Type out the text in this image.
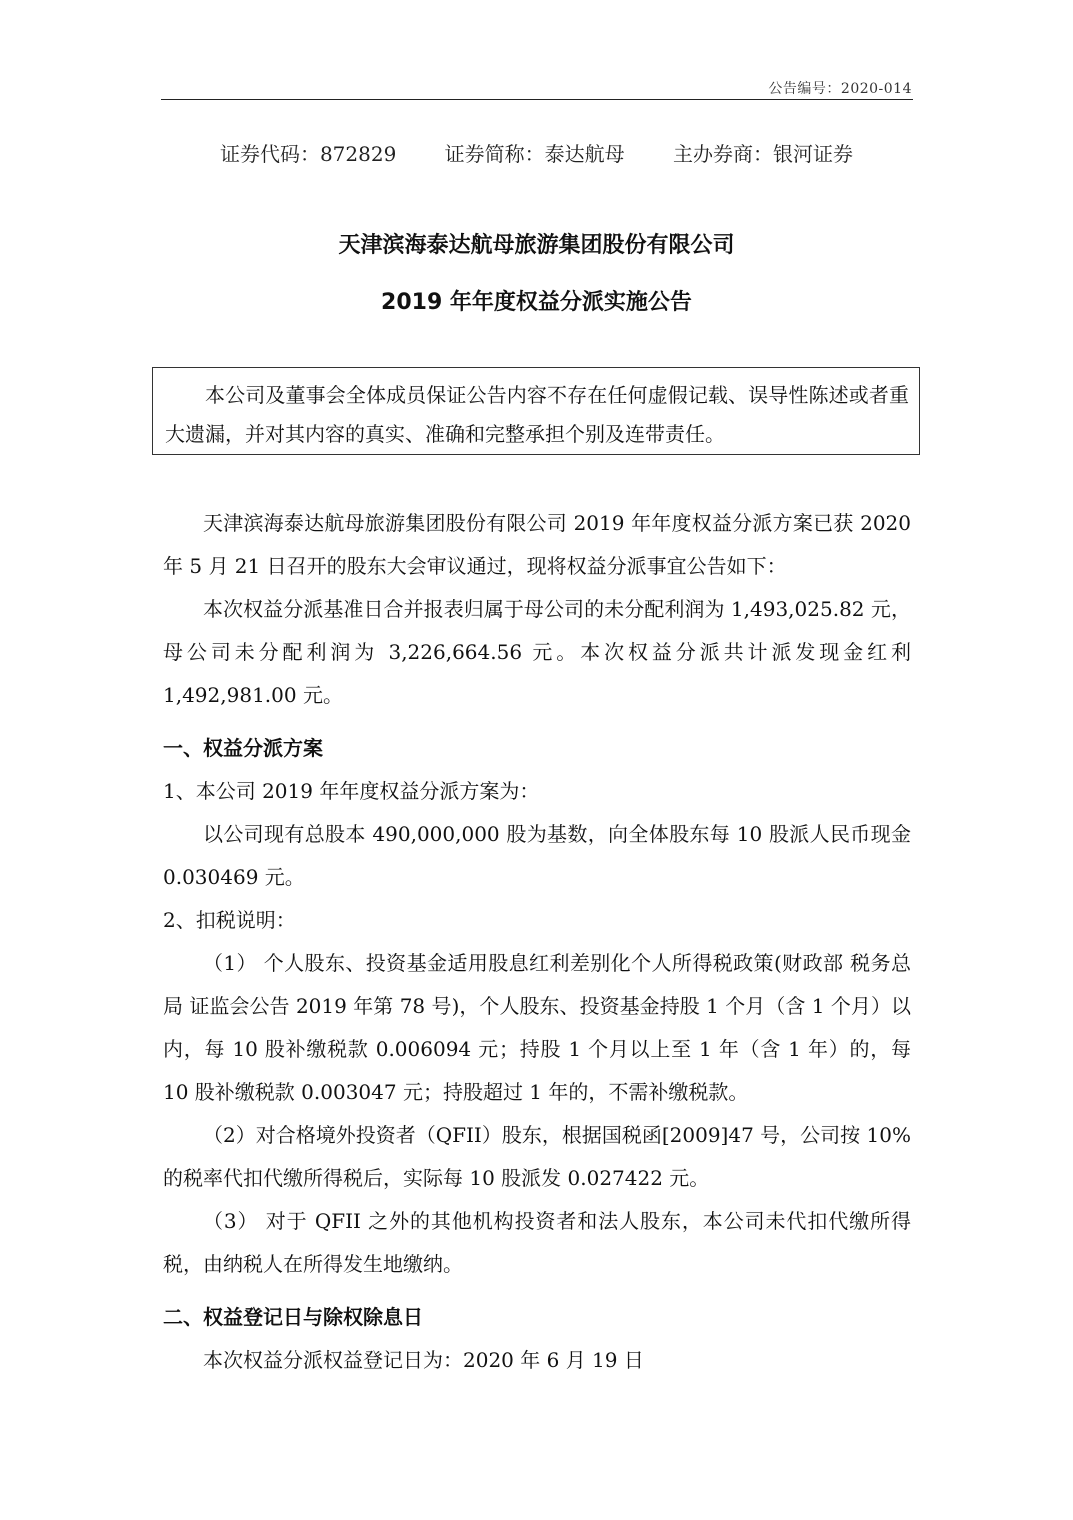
公告编号：2020-014
证券代码：872829 证券简称：泰达航母 主办券商：银河证券
天津滨海泰达航母旅游集团股份有限公司
2019 年年度权益分派实施公告
本公司及董事会全体成员保证公告内容不存在任何虚假记载、误导性陈述或者重大遗漏，并对其内容的真实、准确和完整承担个别及连带责任。

天津滨海泰达航母旅游集团股份有限公司 2019 年年度权益分派方案已获 2020 年 5 月 21 日召开的股东大会审议通过，现将权益分派事宜公告如下：

本次权益分派基准日合并报表归属于母公司的未分配利润为 1,493,025.82 元，母公司未分配利润为 3,226,664.56 元。本次权益分派共计派发现金红利 1,492,981.00 元。

一、权益分派方案

1、本公司 2019 年年度权益分派方案为：

以公司现有总股本 490,000,000 股为基数，向全体股东每 10 股派人民币现金 0.030469 元。

2、扣税说明：

（1） 个人股东、投资基金适用股息红利差别化个人所得税政策(财政部 税务总局 证监会公告 2019 年第 78 号)，个人股东、投资基金持股 1 个月（含 1 个月）以内，每 10 股补缴税款 0.006094 元；持股 1 个月以上至 1 年（含 1 年）的，每 10 股补缴税款 0.003047 元；持股超过 1 年的，不需补缴税款。

（2）对合格境外投资者（QFII）股东，根据国税函[2009]47 号，公司按 10%的税率代扣代缴所得税后，实际每 10 股派发 0.027422 元。

（3） 对于 QFII 之外的其他机构投资者和法人股东，本公司未代扣代缴所得税，由纳税人在所得发生地缴纳。

二、权益登记日与除权除息日

本次权益分派权益登记日为：2020 年 6 月 19 日
